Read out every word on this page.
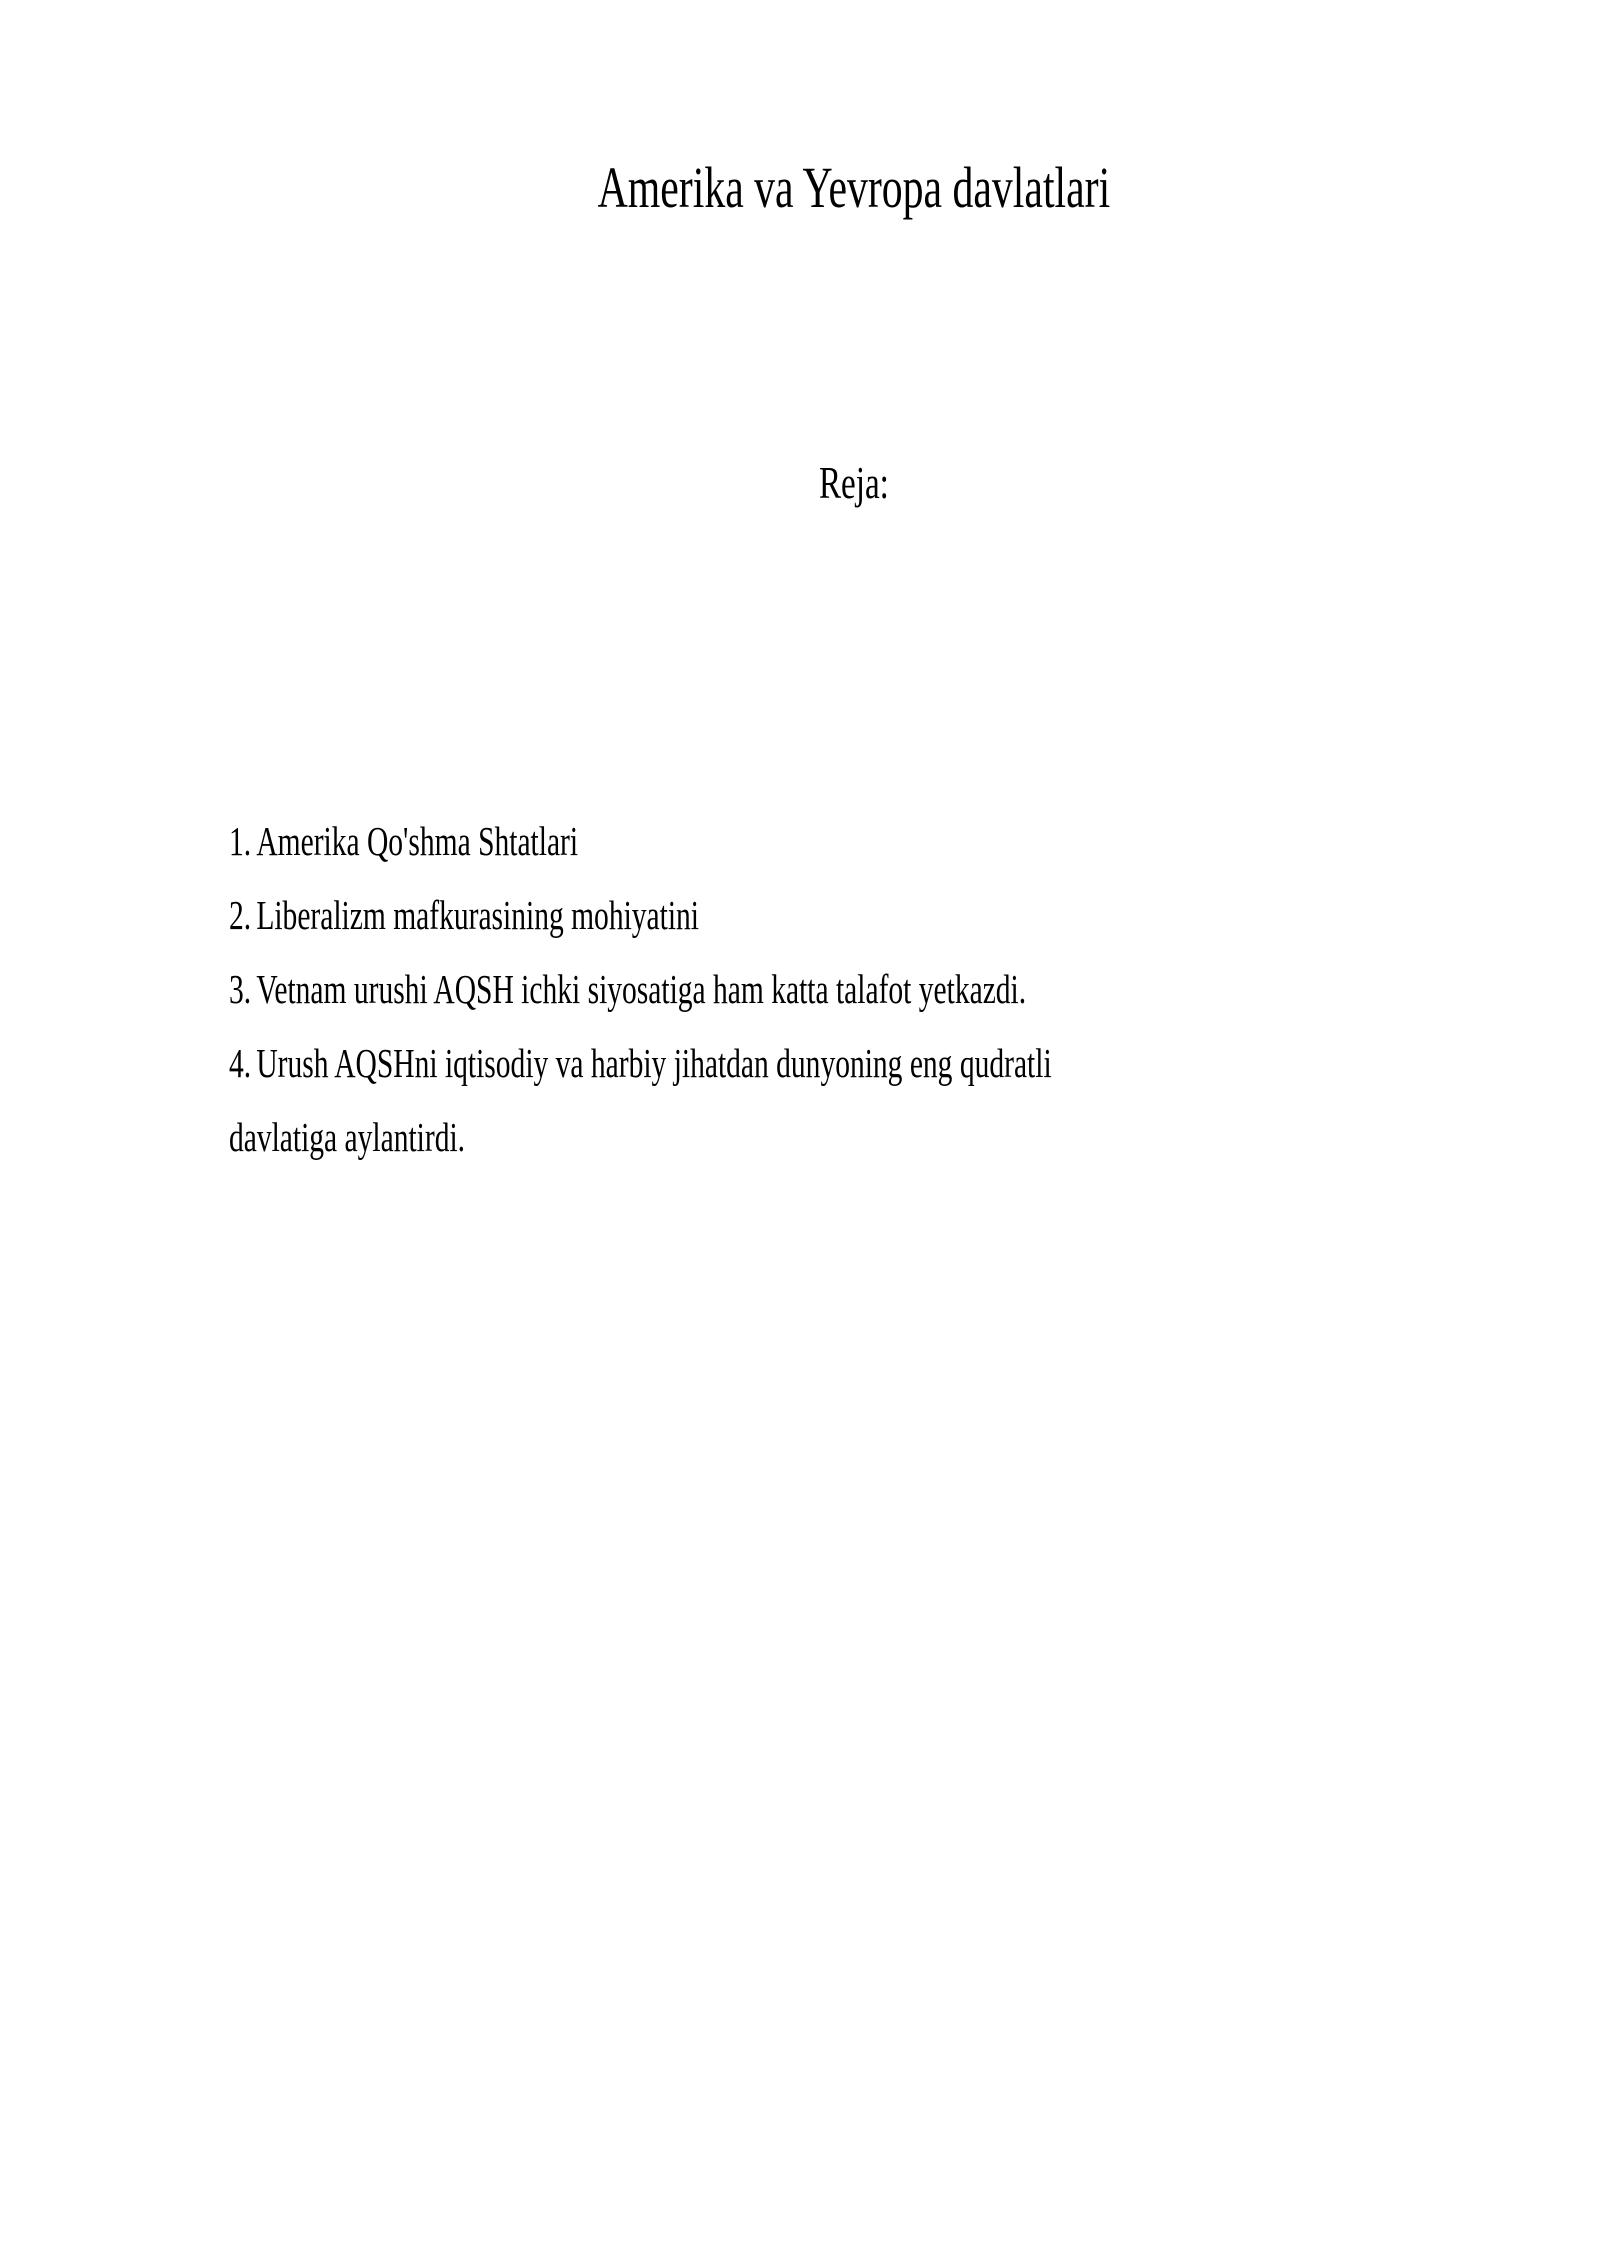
Amerika va Yevropa davlatlari
Reja:
1. Amerika Qo'shma Shtatlari
2. Liberalizm mafkurasining mohiyatini
3. Vetnam urushi AQSH ichki siyosatiga ham katta talafot yetkazdi.
4. Urush AQSHni iqtisodiy va harbiy jihatdan dunyoning eng qudratli
davlatiga aylantirdi.
